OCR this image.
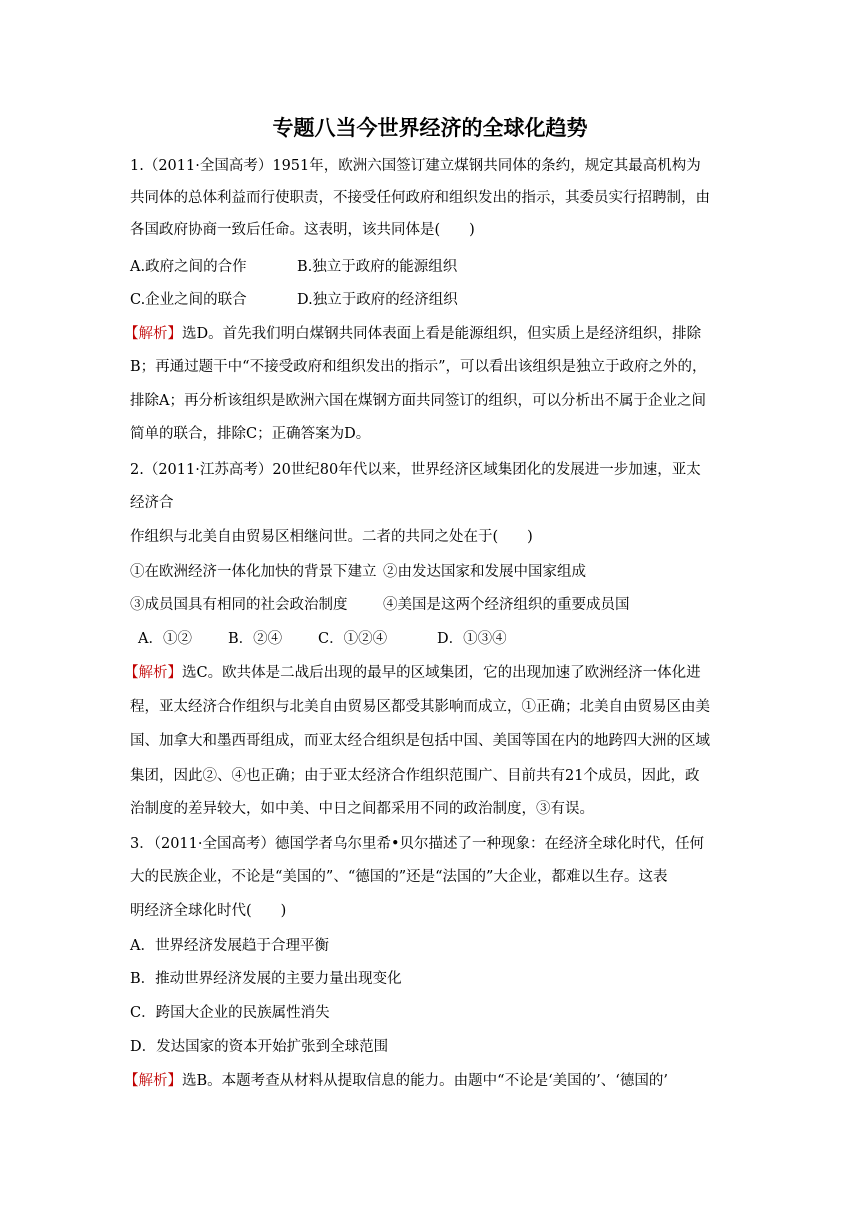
专题八当今世界经济的全球化趋势
1.（2011·全国高考）1951年，欧洲六国签订建立煤钢共同体的条约，规定其最高机构为
共同体的总体利益而行使职责，不接受任何政府和组织发出的指示，其委员实行招聘制，由
各国政府协商一致后任命。这表明，该共同体是(　　)
A.政府之间的合作	B.独立于政府的能源组织
C.企业之间的联合	D.独立于政府的经济组织
【解析】选D。首先我们明白煤钢共同体表面上看是能源组织，但实质上是经济组织，排除
B；再通过题干中“不接受政府和组织发出的指示”，可以看出该组织是独立于政府之外的，
排除A；再分析该组织是欧洲六国在煤钢方面共同签订的组织，可以分析出不属于企业之间
简单的联合，排除C；正确答案为D。
2.（2011·江苏高考）20世纪80年代以来，世界经济区域集团化的发展进一步加速，亚太
经济合
作组织与北美自由贸易区相继问世。二者的共同之处在于(　　)
①在欧洲经济一体化加快的背景下建立 ②由发达国家和发展中国家组成
③成员国具有相同的社会政治制度 ④美国是这两个经济组织的重要成员国
A．①② B．②④ C．①②④	D．①③④
【解析】选C。欧共体是二战后出现的最早的区域集团，它的出现加速了欧洲经济一体化进
程，亚太经济合作组织与北美自由贸易区都受其影响而成立，①正确；北美自由贸易区由美
国、加拿大和墨西哥组成，而亚太经合组织是包括中国、美国等国在内的地跨四大洲的区域
集团，因此②、④也正确；由于亚太经济合作组织范围广、目前共有21个成员，因此，政
治制度的差异较大，如中美、中日之间都采用不同的政治制度，③有误。
3．（2011·全国高考）德国学者乌尔里希•贝尔描述了一种现象：在经济全球化时代，任何
大的民族企业，不论是“美国的”、“德国的”还是“法国的”大企业，都难以生存。这表
明经济全球化时代(　　)
A．世界经济发展趋于合理平衡
B．推动世界经济发展的主要力量出现变化
C．跨国大企业的民族属性消失
D．发达国家的资本开始扩张到全球范围
【解析】选B。本题考查从材料从提取信息的能力。由题中“不论是‘美国的’、‘德国的’
